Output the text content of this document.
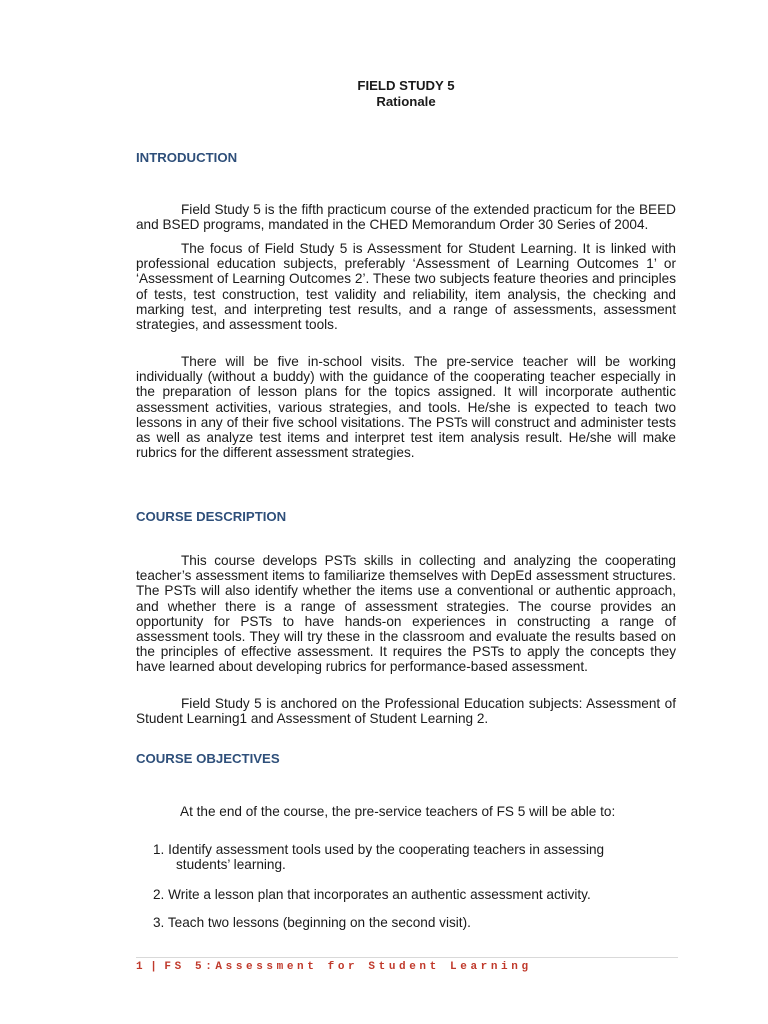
FIELD STUDY 5
Rationale
INTRODUCTION
Field Study 5 is the fifth practicum course of the extended practicum for the BEED and BSED programs, mandated in the CHED Memorandum Order 30 Series of 2004.
The focus of Field Study 5 is Assessment for Student Learning. It is linked with professional education subjects, preferably ‘Assessment of Learning Outcomes 1’ or ‘Assessment of Learning Outcomes 2’. These two subjects feature theories and principles of tests, test construction, test validity and reliability, item analysis, the checking and marking test, and interpreting test results, and a range of assessments, assessment strategies, and assessment tools.
There will be five in-school visits. The pre-service teacher will be working individually (without a buddy) with the guidance of the cooperating teacher especially in the preparation of lesson plans for the topics assigned. It will incorporate authentic assessment activities, various strategies, and tools. He/she is expected to teach two lessons in any of their five school visitations. The PSTs will construct and administer tests as well as analyze test items and interpret test item analysis result. He/she will make rubrics for the different assessment strategies.
COURSE DESCRIPTION
This course develops PSTs skills in collecting and analyzing the cooperating teacher’s assessment items to familiarize themselves with DepEd assessment structures. The PSTs will also identify whether the items use a conventional or authentic approach, and whether there is a range of assessment strategies. The course provides an opportunity for PSTs to have hands-on experiences in constructing a range of assessment tools. They will try these in the classroom and evaluate the results based on the principles of effective assessment. It requires the PSTs to apply the concepts they have learned about developing rubrics for performance-based assessment.
Field Study 5 is anchored on the Professional Education subjects: Assessment of Student Learning1 and Assessment of Student Learning 2.
COURSE OBJECTIVES
At the end of the course, the pre-service teachers of FS 5 will be able to:
1. Identify assessment tools used by the cooperating teachers in assessing
students’ learning.
2. Write a lesson plan that incorporates an authentic assessment activity.
3. Teach two lessons (beginning on the second visit).
1 | FS 5:Assessment for Student Learning
